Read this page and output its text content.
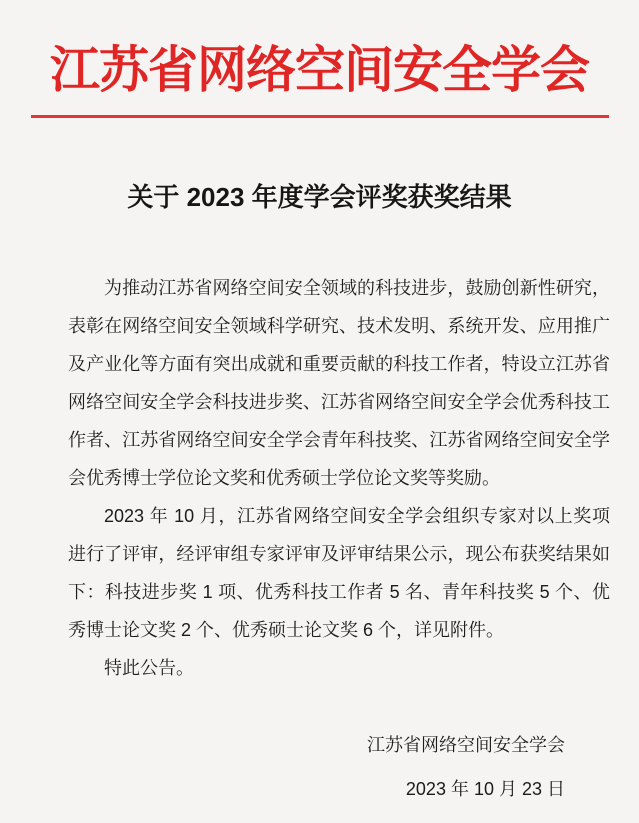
江苏省网络空间安全学会
关于 2023 年度学会评奖获奖结果

为推动江苏省网络空间安全领域的科技进步，鼓励创新性研究，表彰在网络空间安全领域科学研究、技术发明、系统开发、应用推广及产业化等方面有突出成就和重要贡献的科技工作者，特设立江苏省网络空间安全学会科技进步奖、江苏省网络空间安全学会优秀科技工作者、江苏省网络空间安全学会青年科技奖、江苏省网络空间安全学会优秀博士学位论文奖和优秀硕士学位论文奖等奖励。

2023 年 10 月，江苏省网络空间安全学会组织专家对以上奖项进行了评审，经评审组专家评审及评审结果公示，现公布获奖结果如下：科技进步奖 1 项、优秀科技工作者 5 名、青年科技奖 5 个、优秀博士论文奖 2 个、优秀硕士论文奖 6 个，详见附件。

特此公告。

江苏省网络空间安全学会

2023 年 10 月 23 日
